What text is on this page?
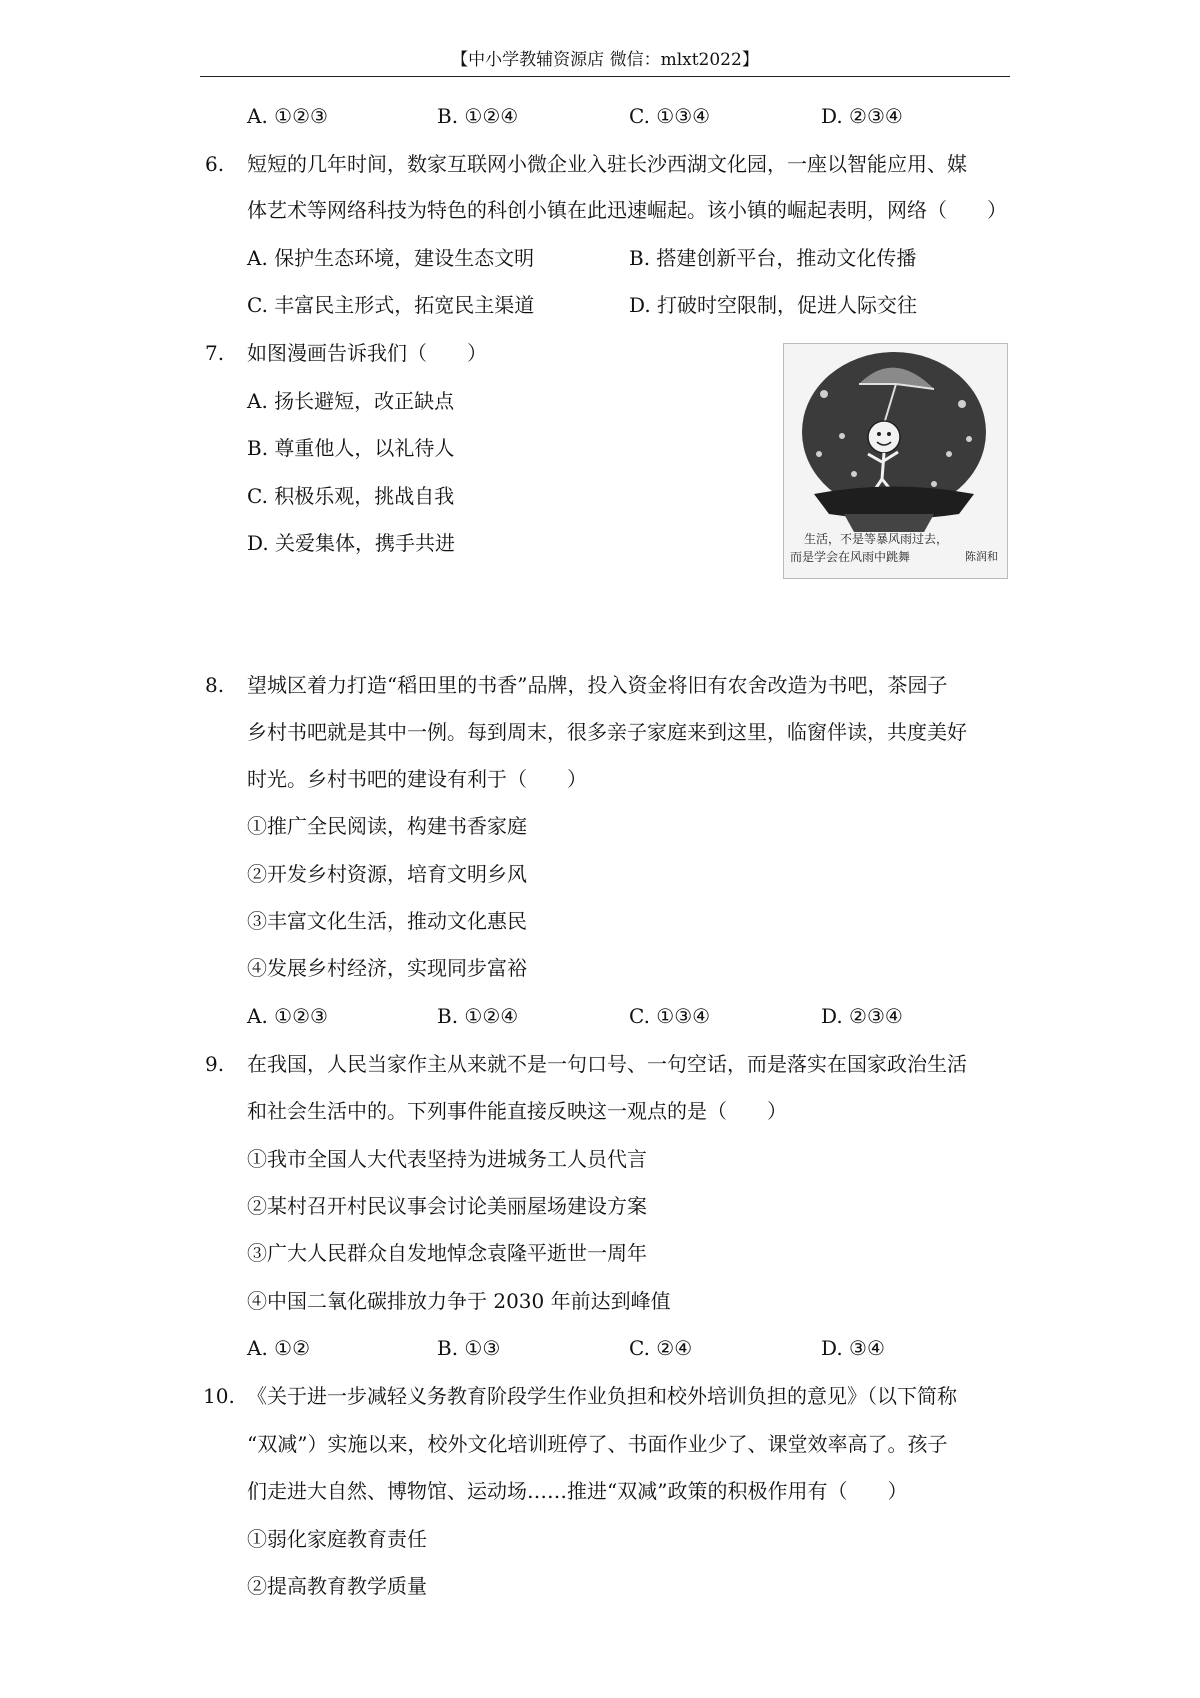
【中小学教辅资源店 微信：mlxt2022】
A. ①②③	B. ①②④	C. ①③④	D. ②③④
6. 短短的几年时间，数家互联网小微企业入驻长沙西湖文化园，一座以智能应用、媒
体艺术等网络科技为特色的科创小镇在此迅速崛起。该小镇的崛起表明，网络（　　）
A. 保护生态环境，建设生态文明	B. 搭建创新平台，推动文化传播
C. 丰富民主形式，拓宽民主渠道	D. 打破时空限制，促进人际交往
7. 如图漫画告诉我们（　　）
A. 扬长避短，改正缺点
B. 尊重他人，以礼待人
C. 积极乐观，挑战自我
D. 关爱集体，携手共进	生活，不是等暴风雨过去，
而是学会在风雨中跳舞	陈润和
8. 望城区着力打造“稻田里的书香”品牌，投入资金将旧有农舍改造为书吧，茶园子
乡村书吧就是其中一例。每到周末，很多亲子家庭来到这里，临窗伴读，共度美好
时光。乡村书吧的建设有利于（　　）
①推广全民阅读，构建书香家庭
②开发乡村资源，培育文明乡风
③丰富文化生活，推动文化惠民
④发展乡村经济，实现同步富裕
A. ①②③	B. ①②④	C. ①③④	D. ②③④
9. 在我国，人民当家作主从来就不是一句口号、一句空话，而是落实在国家政治生活
和社会生活中的。下列事件能直接反映这一观点的是（　　）
①我市全国人大代表坚持为进城务工人员代言
②某村召开村民议事会讨论美丽屋场建设方案
③广大人民群众自发地悼念袁隆平逝世一周年
④中国二氧化碳排放力争于 2030 年前达到峰值
A. ①②	B. ①③	C. ②④	D. ③④
10. 《关于进一步减轻义务教育阶段学生作业负担和校外培训负担的意见》（以下简称
“双减”）实施以来，校外文化培训班停了、书面作业少了、课堂效率高了。孩子
们走进大自然、博物馆、运动场……推进“双减”政策的积极作用有（　　）
①弱化家庭教育责任
②提高教育教学质量
